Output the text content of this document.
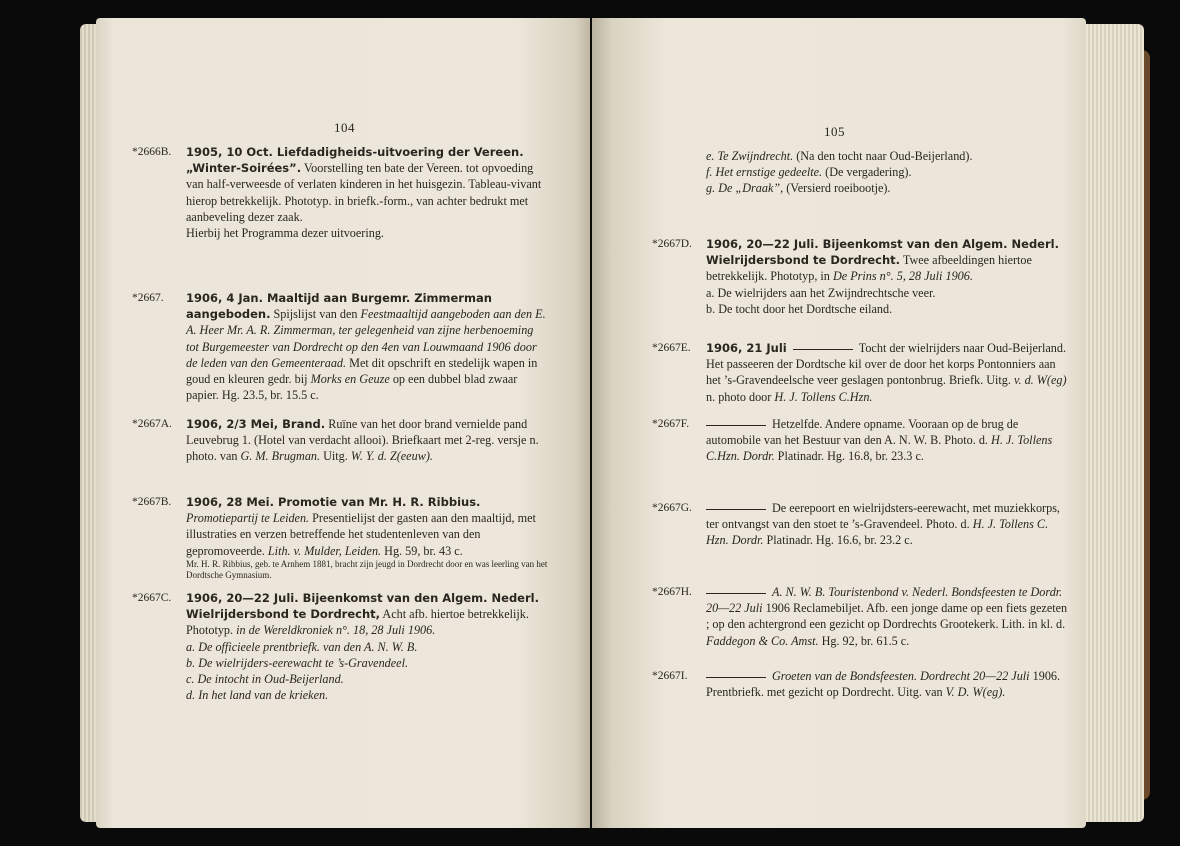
104
*2666B. 1905, 10 Oct. Liefdadigheids-uitvoering der Vereen. „Winter-Soirées”. Voorstelling ten bate der Vereen. tot opvoeding van half-verweesde of verlaten kinderen in het huisgezin. Tableau-vivant hierop betrekkelijk. Phototyp. in briefk.-form., van achter bedrukt met aanbeveling dezer zaak.

Hierbij het Programma dezer uitvoering.

*2667. 1906, 4 Jan. Maaltijd aan Burgemr. Zimmerman aangeboden. Spijslijst van den Feestmaaltijd aangeboden aan den E. A. Heer Mr. A. R. Zimmerman, ter gelegenheid van zijne herbenoeming tot Burgemeester van Dordrecht op den 4en van Louwmaand 1906 door de leden van den Gemeenteraad. Met dit opschrift en stedelijk wapen in goud en kleuren gedr. bij Morks en Geuze op een dubbel blad zwaar papier. Hg. 23.5, br. 15.5 c.

*2667A. 1906, 2/3 Mei, Brand. Ruïne van het door brand vernielde pand Leuvebrug 1. (Hotel van verdacht allooi). Briefkaart met 2-reg. versje n. photo. van G. M. Brugman. Uitg. W. Y. d. Z(eeuw).

*2667B. 1906, 28 Mei. Promotie van Mr. H. R. Ribbius. Promotiepartij te Leiden. Presentielijst der gasten aan den maaltijd, met illustraties en verzen betreffende het studentenleven van den gepromoveerde. Lith. v. Mulder, Leiden. Hg. 59, br. 43 c.

Mr. H. R. Ribbius, geb. te Arnhem 1881, bracht zijn jeugd in Dordrecht door en was leerling van het Dordtsche Gymnasium.

*2667C. 1906, 20—22 Juli. Bijeenkomst van den Algem. Nederl. Wielrijdersbond te Dordrecht, Acht afb. hiertoe betrekkelijk. Phototyp. in de Wereldkroniek n°. 18, 28 Juli 1906.

a. De officieele prentbriefk. van den A. N. W. B.

b. De wielrijders-eerewacht te ’s-Gravendeel.

c. De intocht in Oud-Beijerland.

d. In het land van de krieken.

105

e. Te Zwijndrecht. (Na den tocht naar Oud-Beijerland).

f. Het ernstige gedeelte. (De vergadering).

g. De „Draak”, (Versierd roeibootje).

*2667D. 1906, 20—22 Juli. Bijeenkomst van den Algem. Nederl. Wielrijdersbond te Dordrecht. Twee afbeeldingen hiertoe betrekkelijk. Phototyp, in De Prins n°. 5, 28 Juli 1906.

a. De wielrijders aan het Zwijndrechtsche veer.

b. De tocht door het Dordtsche eiland.

*2667E. 1906, 21 Juli	Tocht der wielrijders naar Oud-Beijerland. Het passeeren der Dordtsche kil over de door het korps Pontonniers aan het ’s-Gravendeelsche veer geslagen pontonbrug. Briefk. Uitg. v. d. W(eg) n. photo door H. J. Tollens C.Hzn.

*2667F.	Hetzelfde. Andere opname. Vooraan op de brug de automobile van het Bestuur van den A. N. W. B. Photo. d. H. J. Tollens C.Hzn. Dordr. Platinadr. Hg. 16.8, br. 23.3 c.

*2667G.	De eerepoort en wielrijdsters-eerewacht, met muziekkorps, ter ontvangst van den stoet te ’s-Gravendeel. Photo. d. H. J. Tollens C. Hzn. Dordr. Platinadr. Hg. 16.6, br. 23.2 c.

*2667H.	A. N. W. B. Touristenbond v. Nederl. Bondsfeesten te Dordr. 20—22 Juli 1906 Reclamebiljet. Afb. een jonge dame op een fiets gezeten ; op den achtergrond een gezicht op Dordrechts Grootekerk. Lith. in kl. d. Faddegon & Co. Amst. Hg. 92, br. 61.5 c.

*2667I.	Groeten van de Bondsfeesten. Dordrecht 20—22 Juli 1906. Prentbriefk. met gezicht op Dordrecht. Uitg. van V. D. W(eg).
